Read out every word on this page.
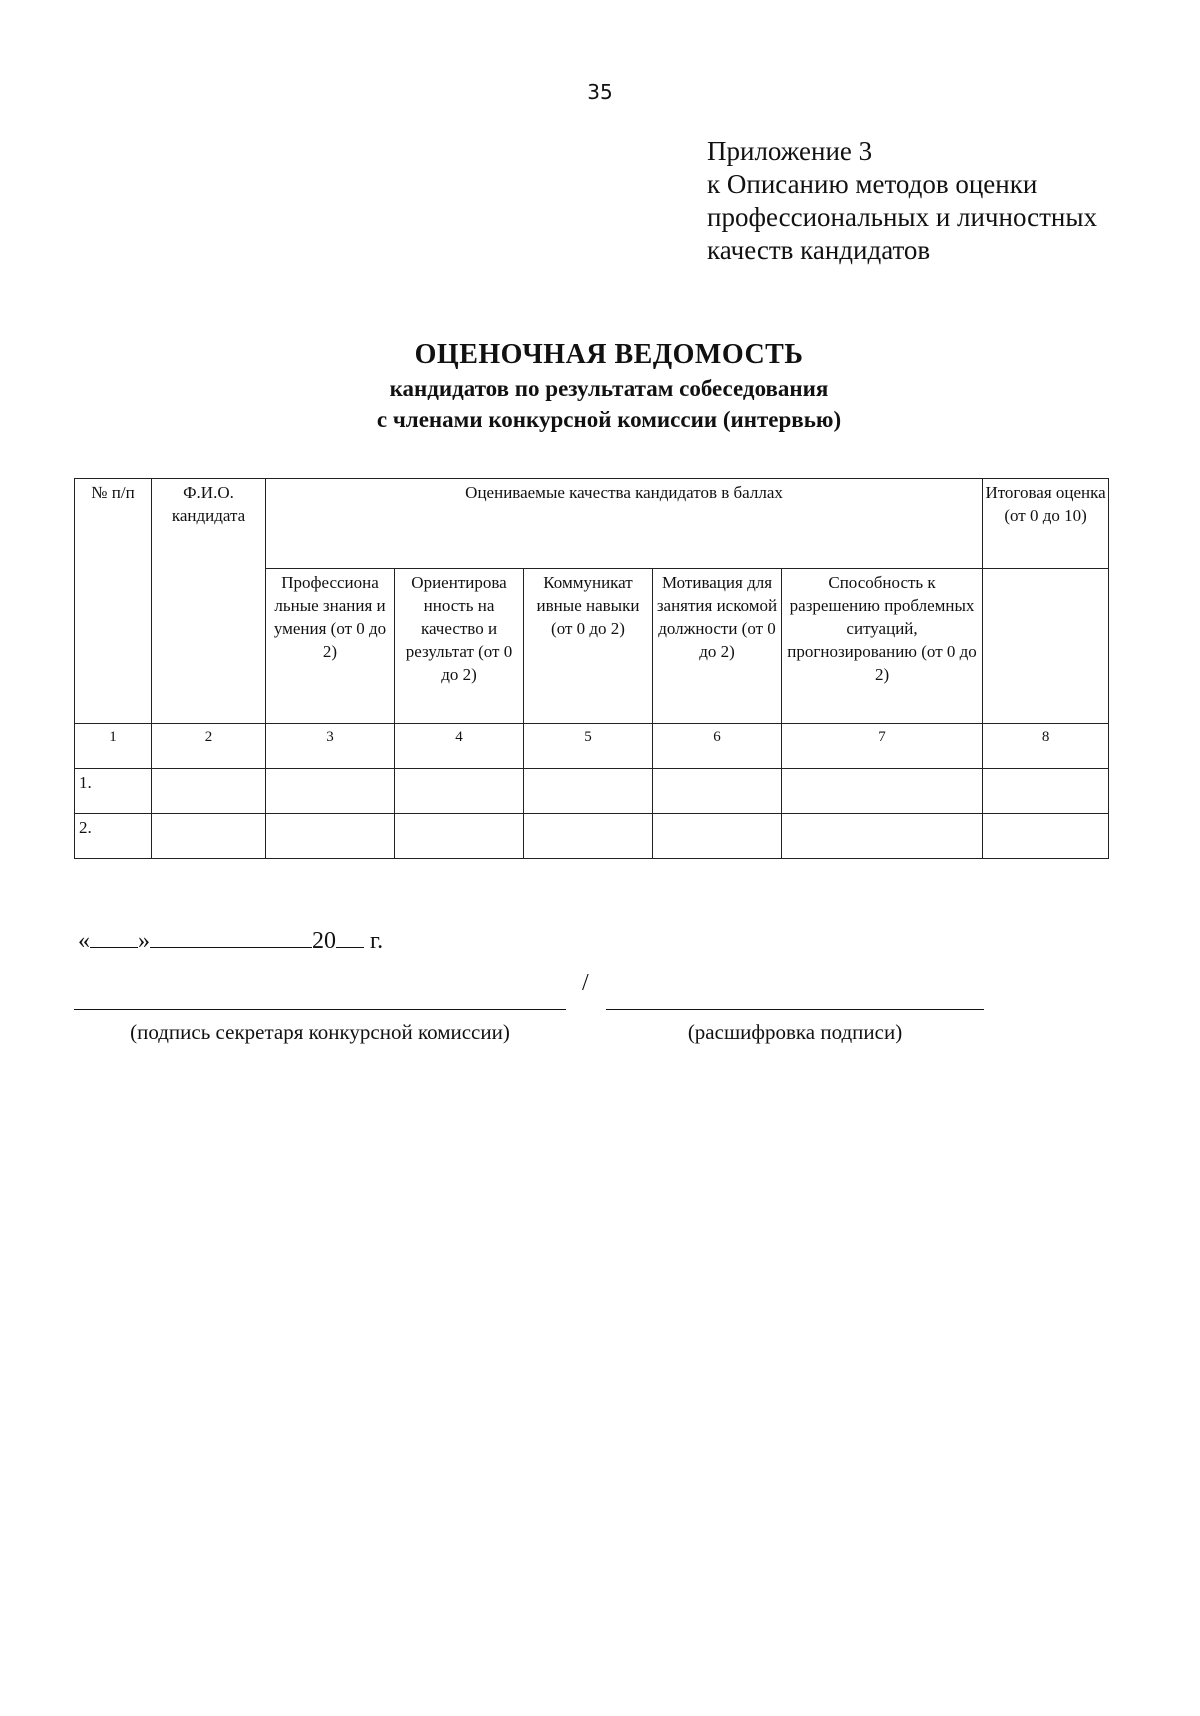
35
Приложение 3
к Описанию методов оценки
профессиональных и личностных
качеств кандидатов
ОЦЕНОЧНАЯ ВЕДОМОСТЬ
кандидатов по результатам собеседования
с членами конкурсной комиссии (интервью)
№ п/п	Ф.И.О. кандидата	Оцениваемые качества кандидатов в баллах					Итоговая оценка (от 0 до 10)
		Профессиона льные знания и умения (от 0 до 2)	Ориентирова нность на качество и результат (от 0 до 2)	Коммуникат ивные навыки (от 0 до 2)	Мотивация для занятия искомой должности (от 0 до 2)	Способность к разрешению проблемных ситуаций, прогнозированию (от 0 до 2)	
1	2	3	4	5	6	7	8
1.							
2.							
« »	20 г.
/
(подпись секретаря конкурсной комиссии)	(расшифровка подписи)
